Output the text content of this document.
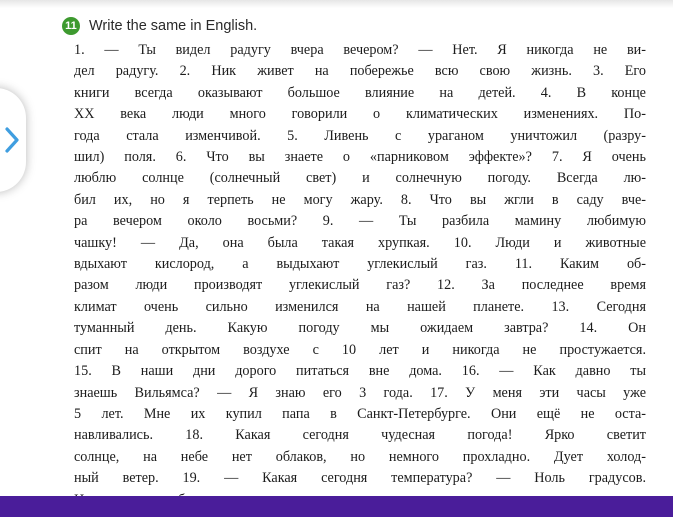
11 Write the same in English.

1. — Ты видел радугу вчера вечером? — Нет. Я никогда не ви-
дел радугу. 2. Ник живет на побережье всю свою жизнь. 3. Его
книги всегда оказывают большое влияние на детей. 4. В конце
XX века люди много говорили о климатических изменениях. По-
года стала изменчивой. 5. Ливень с ураганом уничтожил (разру-
шил) поля. 6. Что вы знаете о «парниковом эффекте»? 7. Я очень
люблю солнце (солнечный свет) и солнечную погоду. Всегда лю-
бил их, но я терпеть не могу жару. 8. Что вы жгли в саду вче-
ра вечером около восьми? 9. — Ты разбила мамину любимую
чашку! — Да, она была такая хрупкая. 10. Люди и животные
вдыхают кислород, а выдыхают углекислый газ. 11. Каким об-
разом люди производят углекислый газ? 12. За последнее время
климат очень сильно изменился на нашей планете. 13. Сегодня
туманный день. Какую погоду мы ожидаем завтра? 14. Он
спит на открытом воздухе с 10 лет и никогда не простужается.
15. В наши дни дорого питаться вне дома. 16. — Как давно ты
знаешь Вильямса? — Я знаю его 3 года. 17. У меня эти часы уже
5 лет. Мне их купил папа в Санкт-Петербурге. Они ещё не оста-
навливались. 18. Какая сегодня чудесная погода! Ярко светит
солнце, на небе нет облаков, но немного прохладно. Дует холод-
ный ветер. 19. — Какая сегодня температура? — Ноль градусов.
